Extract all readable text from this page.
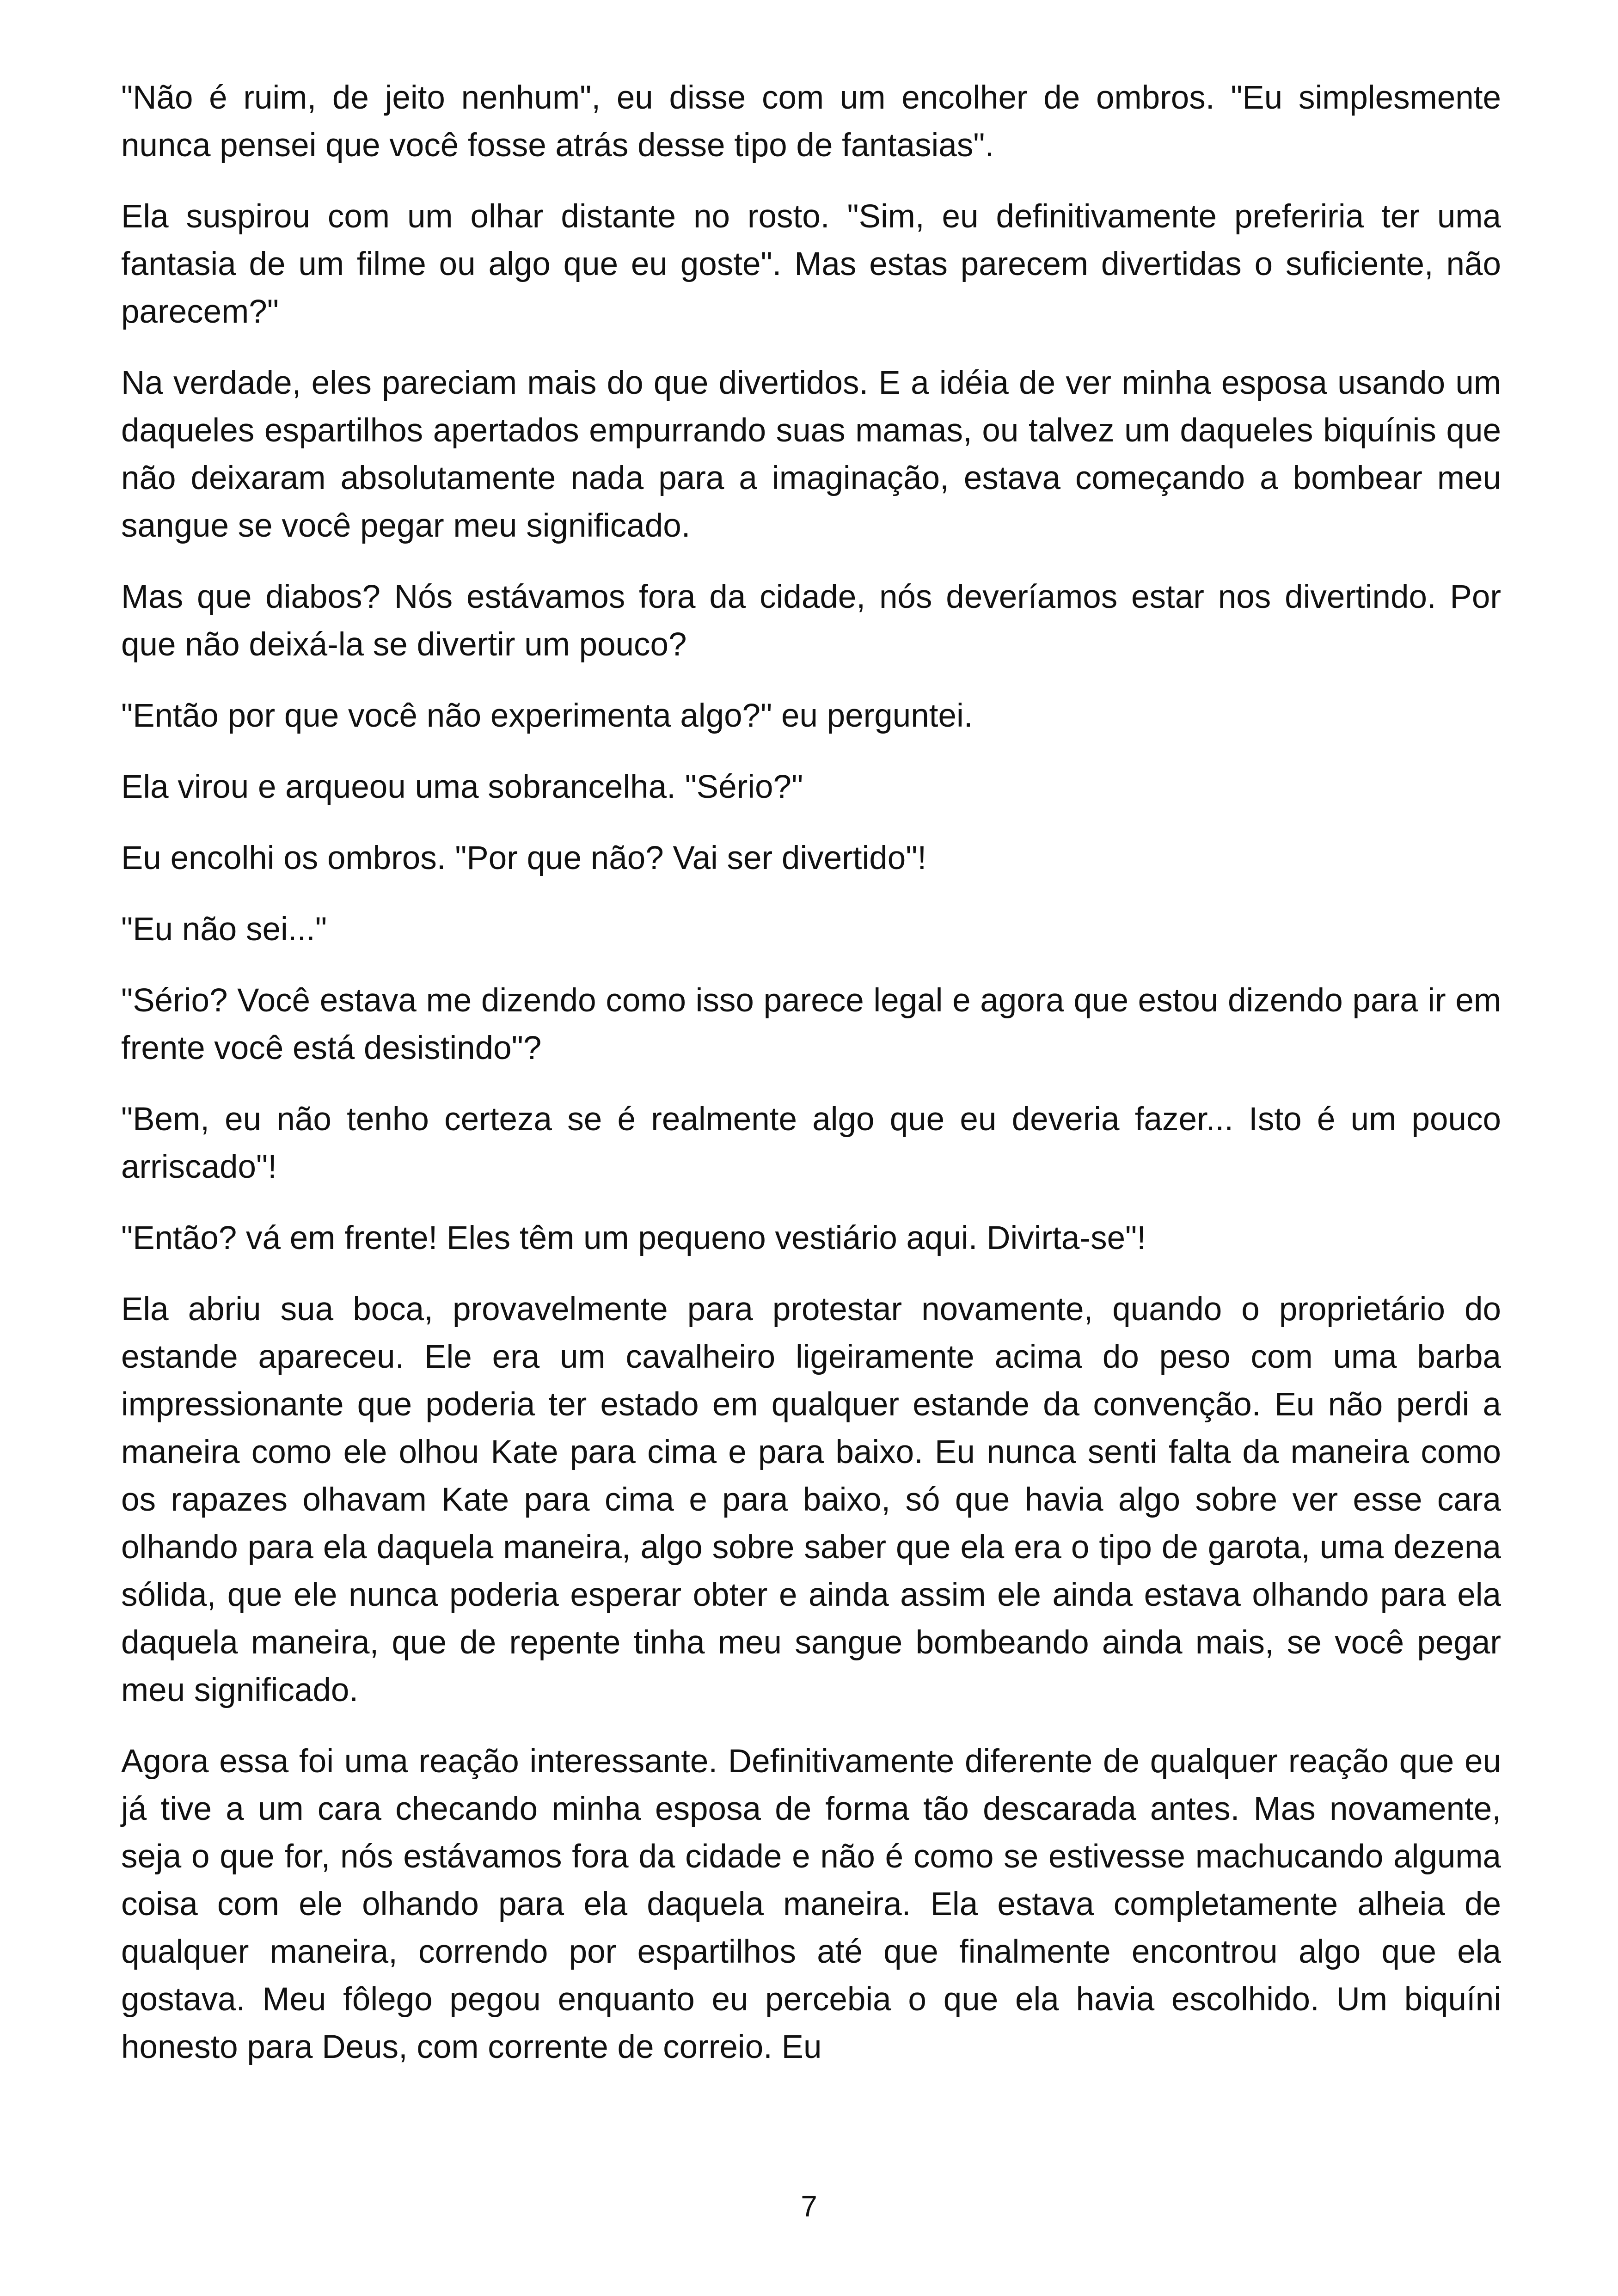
"Não é ruim, de jeito nenhum", eu disse com um encolher de ombros. "Eu simplesmente nunca pensei que você fosse atrás desse tipo de fantasias".

Ela suspirou com um olhar distante no rosto. "Sim, eu definitivamente preferiria ter uma fantasia de um filme ou algo que eu goste". Mas estas parecem divertidas o suficiente, não parecem?"

Na verdade, eles pareciam mais do que divertidos. E a idéia de ver minha esposa usando um daqueles espartilhos apertados empurrando suas mamas, ou talvez um daqueles biquínis que não deixaram absolutamente nada para a imaginação, estava começando a bombear meu sangue se você pegar meu significado.

Mas que diabos? Nós estávamos fora da cidade, nós deveríamos estar nos divertindo. Por que não deixá-la se divertir um pouco?

"Então por que você não experimenta algo?" eu perguntei.

Ela virou e arqueou uma sobrancelha. "Sério?"

Eu encolhi os ombros. "Por que não? Vai ser divertido"!

"Eu não sei..."

"Sério? Você estava me dizendo como isso parece legal e agora que estou dizendo para ir em frente você está desistindo"?

"Bem, eu não tenho certeza se é realmente algo que eu deveria fazer... Isto é um pouco arriscado"!

"Então? vá em frente! Eles têm um pequeno vestiário aqui. Divirta-se"!

Ela abriu sua boca, provavelmente para protestar novamente, quando o proprietário do estande apareceu. Ele era um cavalheiro ligeiramente acima do peso com uma barba impressionante que poderia ter estado em qualquer estande da convenção. Eu não perdi a maneira como ele olhou Kate para cima e para baixo. Eu nunca senti falta da maneira como os rapazes olhavam Kate para cima e para baixo, só que havia algo sobre ver esse cara olhando para ela daquela maneira, algo sobre saber que ela era o tipo de garota, uma dezena sólida, que ele nunca poderia esperar obter e ainda assim ele ainda estava olhando para ela daquela maneira, que de repente tinha meu sangue bombeando ainda mais, se você pegar meu significado.

Agora essa foi uma reação interessante. Definitivamente diferente de qualquer reação que eu já tive a um cara checando minha esposa de forma tão descarada antes. Mas novamente, seja o que for, nós estávamos fora da cidade e não é como se estivesse machucando alguma coisa com ele olhando para ela daquela maneira. Ela estava completamente alheia de qualquer maneira, correndo por espartilhos até que finalmente encontrou algo que ela gostava. Meu fôlego pegou enquanto eu percebia o que ela havia escolhido. Um biquíni honesto para Deus, com corrente de correio. Eu

7
